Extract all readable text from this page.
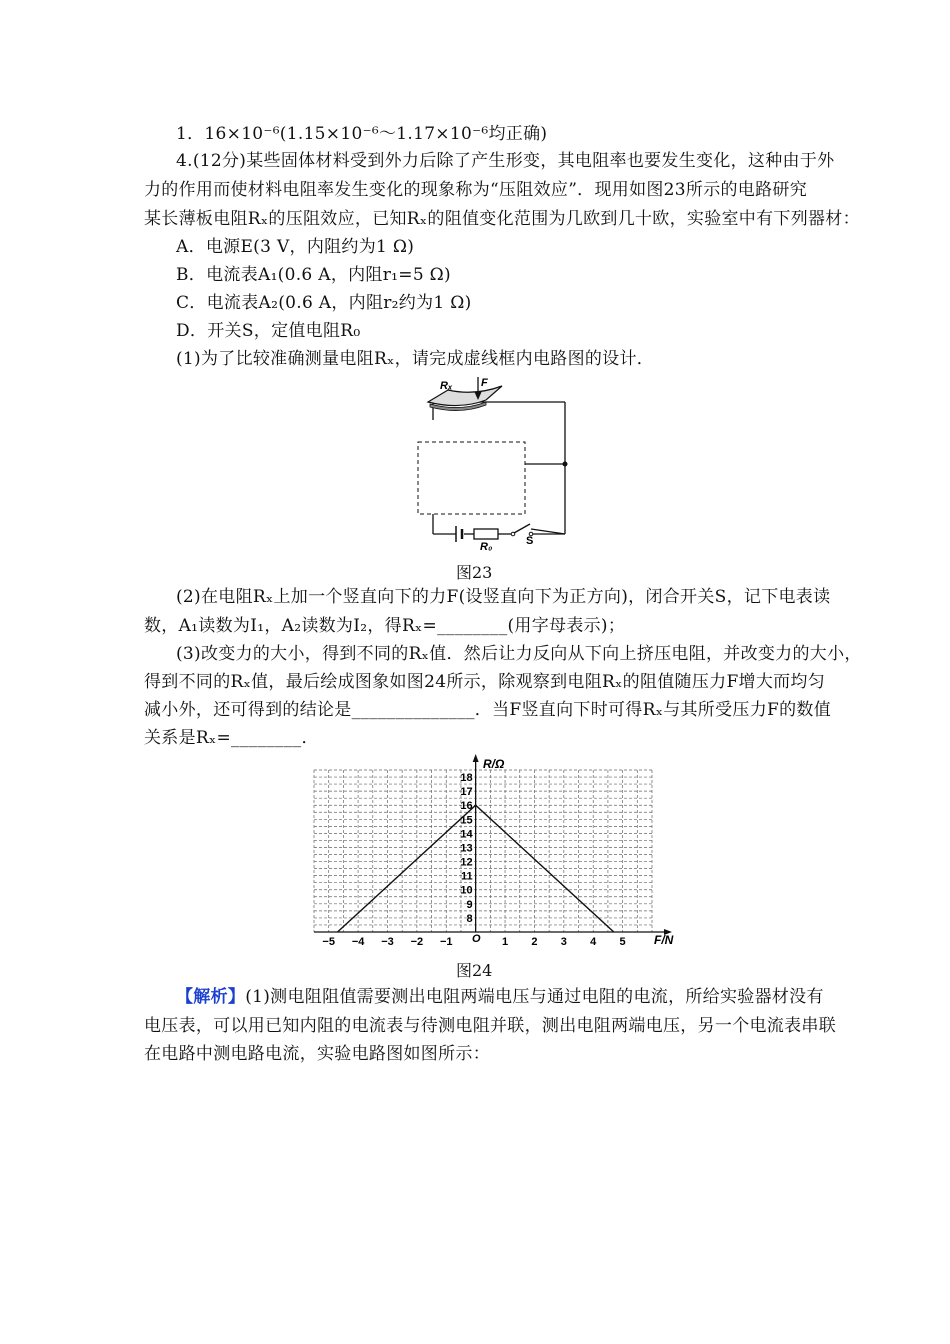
1．16×10⁻⁶(1.15×10⁻⁶～1.17×10⁻⁶均正确)
4.(12分)某些固体材料受到外力后除了产生形变，其电阻率也要发生变化，这种由于外
力的作用而使材料电阻率发生变化的现象称为“压阻效应”．现用如图23所示的电路研究
某长薄板电阻Rₓ的压阻效应，已知Rₓ的阻值变化范围为几欧到几十欧，实验室中有下列器材：
A．电源E(3 V，内阻约为1 Ω)
B．电流表A₁(0.6 A，内阻r₁=5 Ω)
C．电流表A₂(0.6 A，内阻r₂约为1 Ω)
D．开关S，定值电阻R₀
(1)为了比较准确测量电阻Rₓ，请完成虚线框内电路图的设计．
Rₓ	F
R₀	S
图23
(2)在电阻Rₓ上加一个竖直向下的力F(设竖直向下为正方向)，闭合开关S，记下电表读
数，A₁读数为I₁，A₂读数为I₂，得Rₓ=________(用字母表示)；
(3)改变力的大小，得到不同的Rₓ值．然后让力反向从下向上挤压电阻，并改变力的大小，
得到不同的Rₓ值，最后绘成图象如图24所示，除观察到电阻Rₓ的阻值随压力F增大而均匀
减小外，还可得到的结论是______________．当F竖直向下时可得Rₓ与其所受压力F的数值
关系是Rₓ=________．
−5 −4 −3 −2 −1	1 2 3 4 5
8
9
10
11
12
13
14
15
16
17
18
R/Ω
F/N
O
图24
【解析】(1)测电阻阻值需要测出电阻两端电压与通过电阻的电流，所给实验器材没有
电压表，可以用已知内阻的电流表与待测电阻并联，测出电阻两端电压，另一个电流表串联
在电路中测电路电流，实验电路图如图所示：
